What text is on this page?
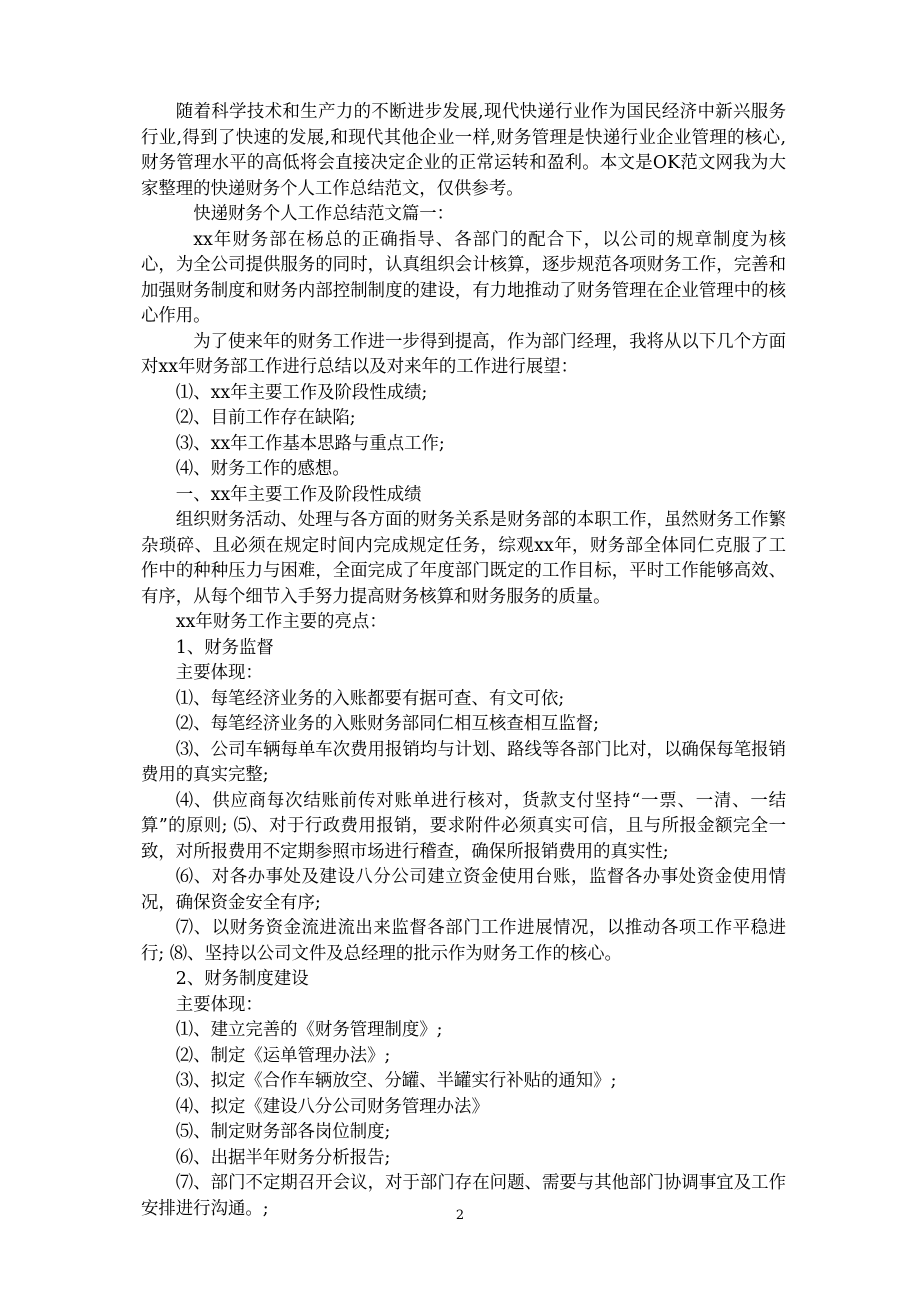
随着科学技术和生产力的不断进步发展,现代快递行业作为国民经济中新兴服务行业,得到了快速的发展,和现代其他企业一样,财务管理是快递行业企业管理的核心,财务管理水平的高低将会直接决定企业的正常运转和盈利。本文是OK范文网我为大家整理的快递财务个人工作总结范文，仅供参考。

快递财务个人工作总结范文篇一：

xx年财务部在杨总的正确指导、各部门的配合下，以公司的规章制度为核心，为全公司提供服务的同时，认真组织会计核算，逐步规范各项财务工作，完善和加强财务制度和财务内部控制制度的建设，有力地推动了财务管理在企业管理中的核心作用。

为了使来年的财务工作进一步得到提高，作为部门经理，我将从以下几个方面对xx年财务部工作进行总结以及对来年的工作进行展望：

⑴、xx年主要工作及阶段性成绩;

⑵、目前工作存在缺陷;

⑶、xx年工作基本思路与重点工作;

⑷、财务工作的感想。

一、xx年主要工作及阶段性成绩

组织财务活动、处理与各方面的财务关系是财务部的本职工作，虽然财务工作繁杂琐碎、且必须在规定时间内完成规定任务，综观xx年，财务部全体同仁克服了工作中的种种压力与困难，全面完成了年度部门既定的工作目标，平时工作能够高效、有序，从每个细节入手努力提高财务核算和财务服务的质量。

xx年财务工作主要的亮点：

1、财务监督

主要体现：

⑴、每笔经济业务的入账都要有据可查、有文可依;

⑵、每笔经济业务的入账财务部同仁相互核查相互监督;

⑶、公司车辆每单车次费用报销均与计划、路线等各部门比对，以确保每笔报销费用的真实完整;

⑷、供应商每次结账前传对账单进行核对，货款支付坚持“一票、一清、一结算”的原则; ⑸、对于行政费用报销，要求附件必须真实可信，且与所报金额完全一致，对所报费用不定期参照市场进行稽查，确保所报销费用的真实性;

⑹、对各办事处及建设八分公司建立资金使用台账，监督各办事处资金使用情况，确保资金安全有序;

⑺、以财务资金流进流出来监督各部门工作进展情况，以推动各项工作平稳进行; ⑻、坚持以公司文件及总经理的批示作为财务工作的核心。

2、财务制度建设

主要体现：

⑴、建立完善的《财务管理制度》;

⑵、制定《运单管理办法》;

⑶、拟定《合作车辆放空、分罐、半罐实行补贴的通知》;

⑷、拟定《建设八分公司财务管理办法》

⑸、制定财务部各岗位制度;

⑹、出据半年财务分析报告;

⑺、部门不定期召开会议，对于部门存在问题、需要与其他部门协调事宜及工作安排进行沟通。;	2
